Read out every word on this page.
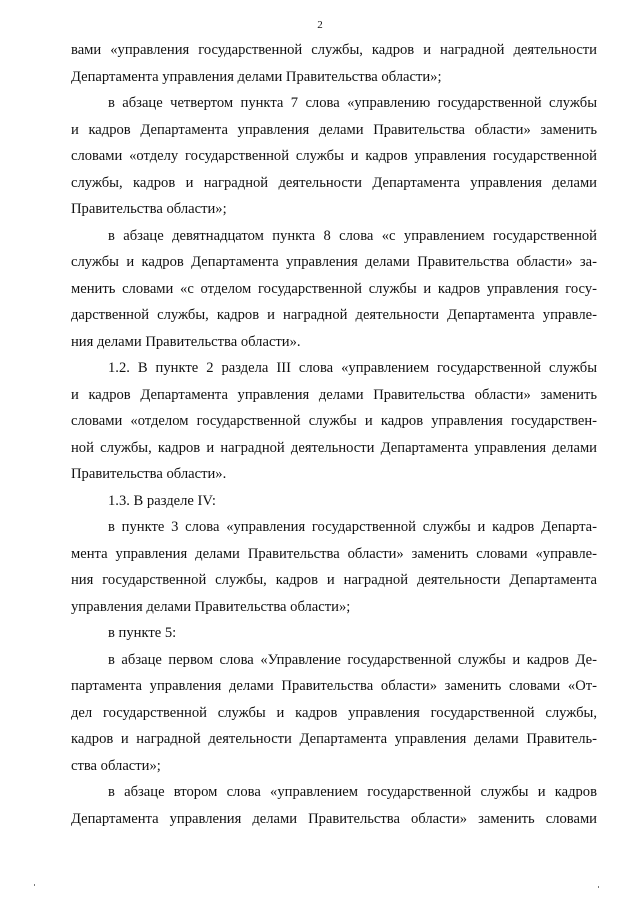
2
вами «управления государственной службы, кадров и наградной деятельности
Департамента управления делами Правительства области»;
в абзаце четвертом пункта 7 слова «управлению государственной службы
и кадров Департамента управления делами Правительства области» заменить
словами «отделу государственной службы и кадров управления государственной
службы, кадров и наградной деятельности Департамента управления делами
Правительства области»;
в абзаце девятнадцатом пункта 8 слова «с управлением государственной
службы и кадров Департамента управления делами Правительства области» за-
менить словами «с отделом государственной службы и кадров управления госу-
дарственной службы, кадров и наградной деятельности Департамента управле-
ния делами Правительства области».
1.2. В пункте 2 раздела III слова «управлением государственной службы
и кадров Департамента управления делами Правительства области» заменить
словами «отделом государственной службы и кадров управления государствен-
ной службы, кадров и наградной деятельности Департамента управления делами
Правительства области».
1.3. В разделе IV:
в пункте 3 слова «управления государственной службы и кадров Департа-
мента управления делами Правительства области» заменить словами «управле-
ния государственной службы, кадров и наградной деятельности Департамента
управления делами Правительства области»;
в пункте 5:
в абзаце первом слова «Управление государственной службы и кадров Де-
партамента управления делами Правительства области» заменить словами «От-
дел государственной службы и кадров управления государственной службы,
кадров и наградной деятельности Департамента управления делами Правитель-
ства области»;
в абзаце втором слова «управлением государственной службы и кадров
Департамента управления делами Правительства области» заменить словами
